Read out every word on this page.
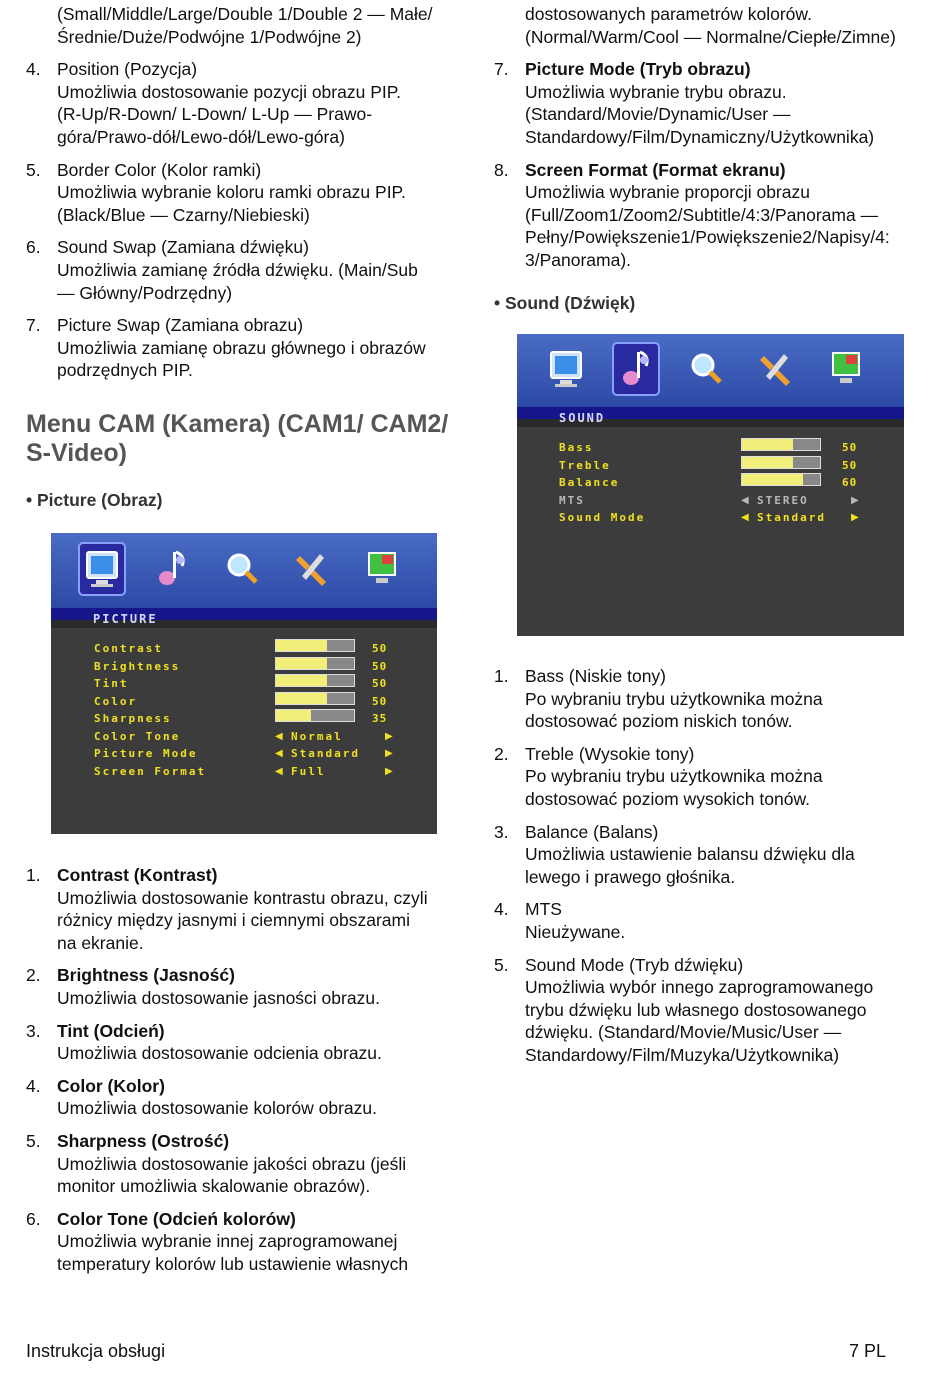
(Small/Middle/Large/Double 1/Double 2 — Małe/Średnie/Duże/Podwójne 1/Podwójne 2)
4. Position (Pozycja)
Umożliwia dostosowanie pozycji obrazu PIP.
(R-Up/R-Down/ L-Down/ L-Up — Prawo-
góra/Prawo-dół/Lewo-dół/Lewo-góra)
5. Border Color (Kolor ramki)
Umożliwia wybranie koloru ramki obrazu PIP.
(Black/Blue — Czarny/Niebieski)
6. Sound Swap (Zamiana dźwięku)
Umożliwia zamianę źródła dźwięku. (Main/Sub
— Główny/Podrzędny)
7. Picture Swap (Zamiana obrazu)
Umożliwia zamianę obrazu głównego i obrazów
podrzędnych PIP.
Menu CAM (Kamera) (CAM1/ CAM2/
S-Video)
• Picture (Obraz)
PICTURE
Contrast	50
Brightness	50
Tint	50
Color	50
Sharpness	35
Color Tone	◀ Normal	▶
Picture Mode	◀ Standard	▶
Screen Format	◀ Full	▶
1. Contrast (Kontrast)
Umożliwia dostosowanie kontrastu obrazu, czyli
różnicy między jasnymi i ciemnymi obszarami
na ekranie.
2. Brightness (Jasność)
Umożliwia dostosowanie jasności obrazu.
3. Tint (Odcień)
Umożliwia dostosowanie odcienia obrazu.
4. Color (Kolor)
Umożliwia dostosowanie kolorów obrazu.
5. Sharpness (Ostrość)
Umożliwia dostosowanie jakości obrazu (jeśli
monitor umożliwia skalowanie obrazów).
6. Color Tone (Odcień kolorów)
Umożliwia wybranie innej zaprogramowanej
temperatury kolorów lub ustawienie własnych
dostosowanych parametrów kolorów. (Normal/Warm/Cool — Normalne/Ciepłe/Zimne)
7. Picture Mode (Tryb obrazu)
Umożliwia wybranie trybu obrazu.
(Standard/Movie/Dynamic/User —
Standardowy/Film/Dynamiczny/Użytkownika)
8. Screen Format (Format ekranu)
Umożliwia wybranie proporcji obrazu
(Full/Zoom1/Zoom2/Subtitle/4:3/Panorama —
Pełny/Powiększenie1/Powiększenie2/Napisy/4:
3/Panorama).
• Sound (Dźwięk)
SOUND
Bass	50
Treble	50
Balance	60
MTS	◀ STEREO	▶
Sound Mode	◀ Standard	▶
1. Bass (Niskie tony)
Po wybraniu trybu użytkownika można
dostosować poziom niskich tonów.
2. Treble (Wysokie tony)
Po wybraniu trybu użytkownika można
dostosować poziom wysokich tonów.
3. Balance (Balans)
Umożliwia ustawienie balansu dźwięku dla
lewego i prawego głośnika.
4. MTS
Nieużywane.
5. Sound Mode (Tryb dźwięku)
Umożliwia wybór innego zaprogramowanego
trybu dźwięku lub własnego dostosowanego
dźwięku. (Standard/Movie/Music/User —
Standardowy/Film/Muzyka/Użytkownika)
Instrukcja obsługi	7 PL
